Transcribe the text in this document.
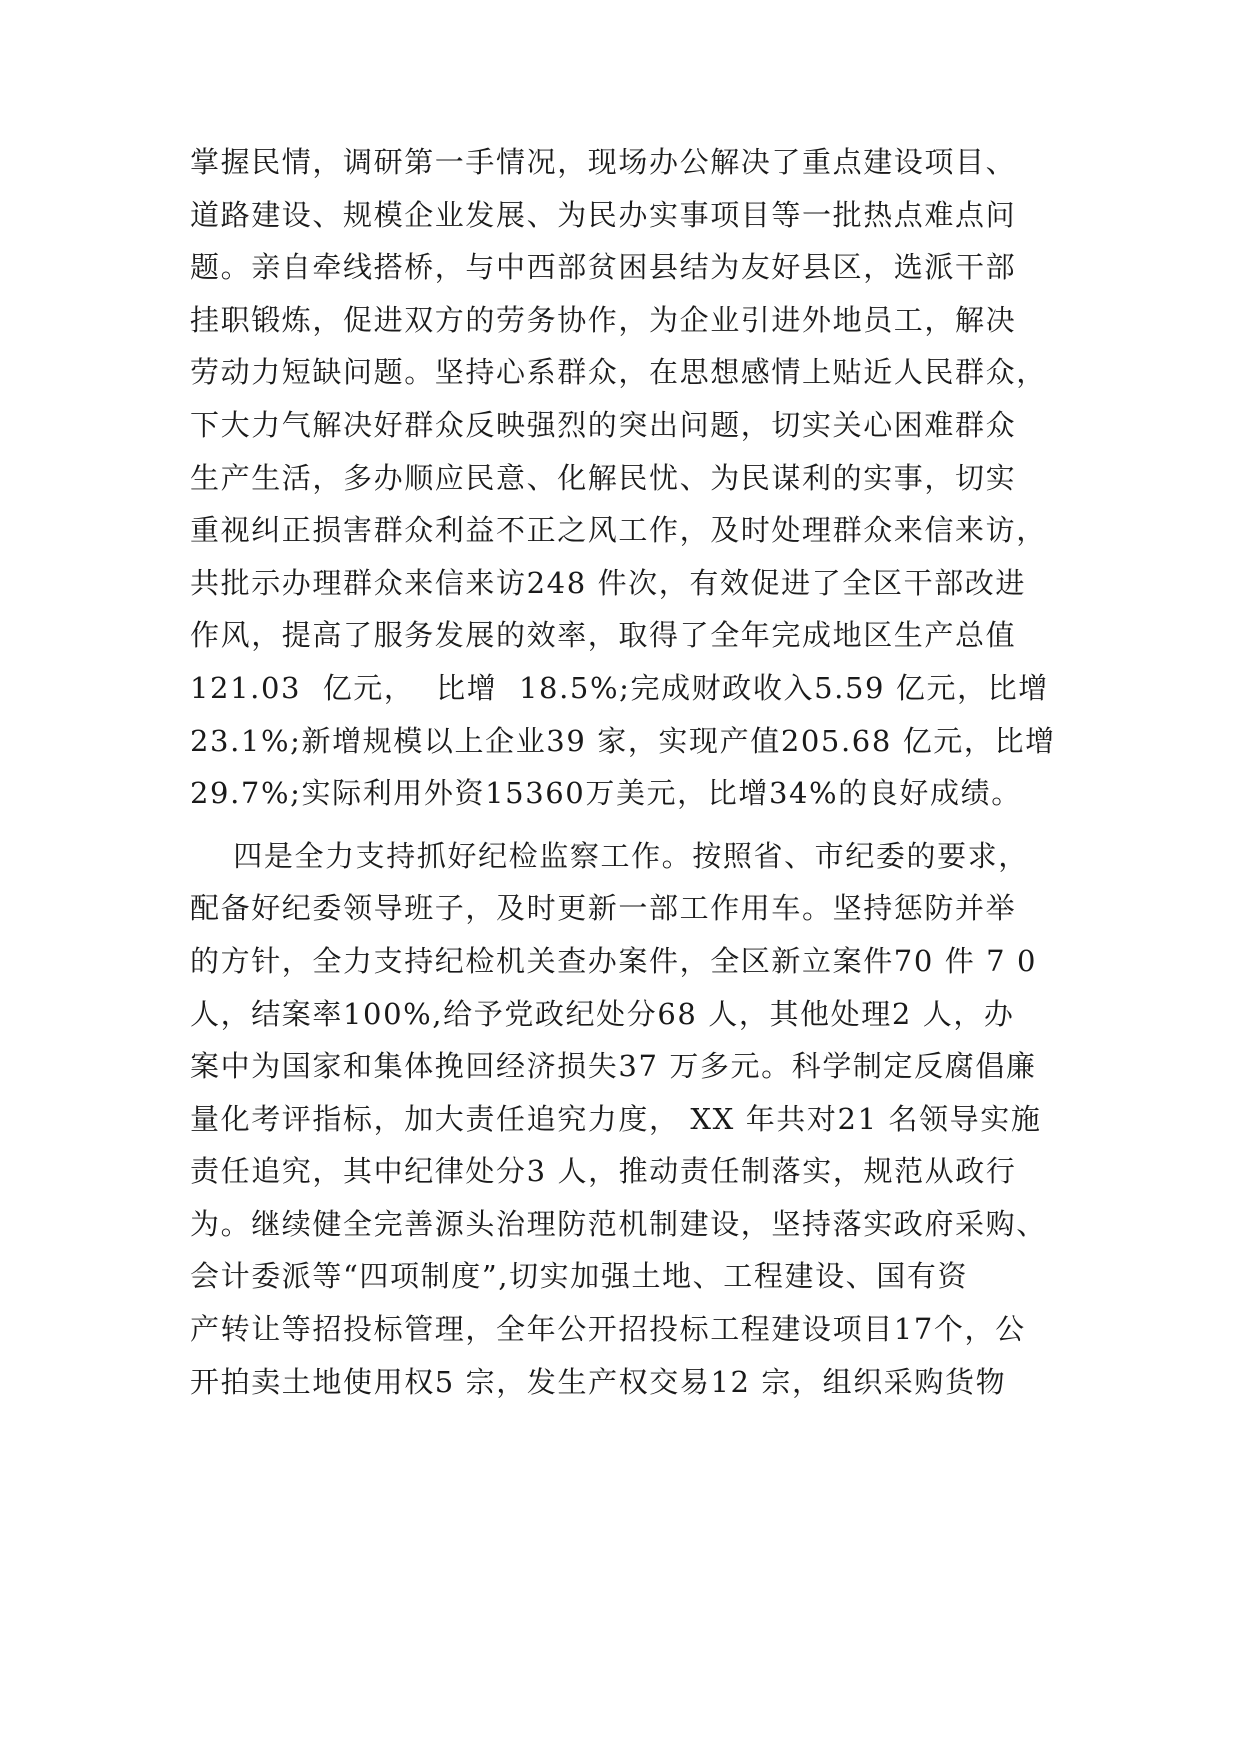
掌握民情，调研第一手情况，现场办公解决了重点建设项目、
道路建设、规模企业发展、为民办实事项目等一批热点难点问
题。亲自牵线搭桥，与中西部贫困县结为友好县区，选派干部
挂职锻炼，促进双方的劳务协作，为企业引进外地员工，解决
劳动力短缺问题。坚持心系群众，在思想感情上贴近人民群众，
下大力气解决好群众反映强烈的突出问题，切实关心困难群众
生产生活，多办顺应民意、化解民忧、为民谋利的实事，切实
重视纠正损害群众利益不正之风工作，及时处理群众来信来访，
共批示办理群众来信来访248 件次，有效促进了全区干部改进
作风，提高了服务发展的效率，取得了全年完成地区生产总值
121.03  亿元，  比增  18.5%;完成财政收入5.59 亿元，比增
23.1%;新增规模以上企业39 家，实现产值205.68 亿元，比增
29.7%;实际利用外资15360万美元，比增34%的良好成绩。
四是全力支持抓好纪检监察工作。按照省、市纪委的要求，
配备好纪委领导班子，及时更新一部工作用车。坚持惩防并举
的方针，全力支持纪检机关查办案件，全区新立案件70 件 7 0
人，结案率100%,给予党政纪处分68 人，其他处理2 人，办
案中为国家和集体挽回经济损失37 万多元。科学制定反腐倡廉
量化考评指标，加大责任追究力度， XX 年共对21 名领导实施
责任追究，其中纪律处分3 人，推动责任制落实，规范从政行
为。继续健全完善源头治理防范机制建设，坚持落实政府采购、
会计委派等“四项制度”,切实加强土地、工程建设、国有资
产转让等招投标管理，全年公开招投标工程建设项目17个，公
开拍卖土地使用权5 宗，发生产权交易12 宗，组织采购货物
